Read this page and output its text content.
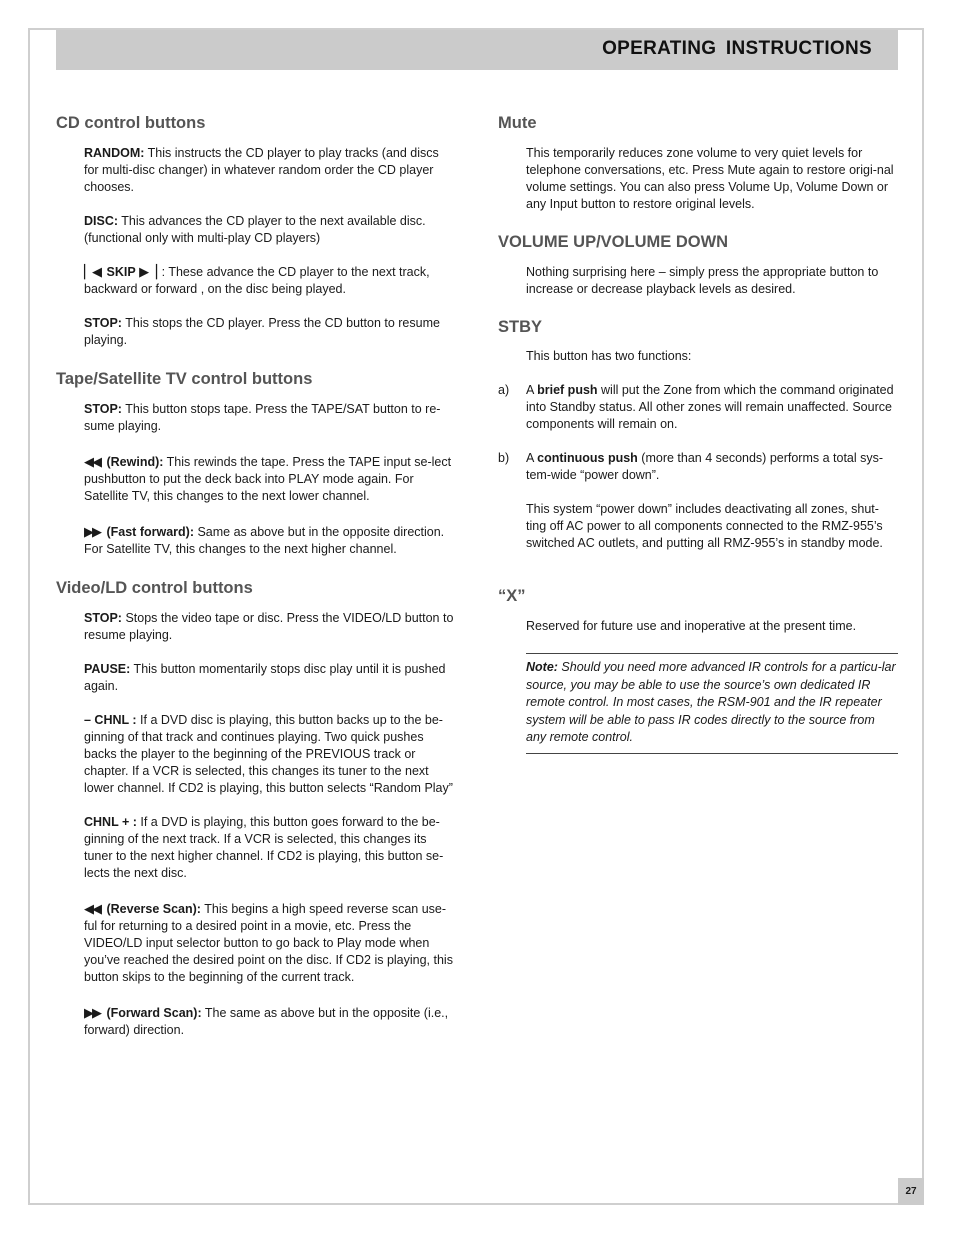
OPERATING INSTRUCTIONS
CD control buttons

RANDOM: This instructs the CD player to play tracks (and discs for multi-disc changer) in whatever random order the CD player chooses.

DISC: This advances the CD player to the next available disc. (functional only with multi-play CD players)

▏◀ SKIP ▶▕ : These advance the CD player to the next track, backward or forward , on the disc being played.

STOP: This stops the CD player. Press the CD button to resume playing.

Tape/Satellite TV control buttons

STOP: This button stops tape. Press the TAPE/SAT button to re-sume playing.

◀◀ (Rewind): This rewinds the tape. Press the TAPE input se-lect pushbutton to put the deck back into PLAY mode again. For Satellite TV, this changes to the next lower channel.

▶▶ (Fast forward): Same as above but in the opposite direction. For Satellite TV, this changes to the next higher channel.

Video/LD control buttons

STOP: Stops the video tape or disc. Press the VIDEO/LD button to resume playing.

PAUSE: This button momentarily stops disc play until it is pushed again.

– CHNL : If a DVD disc is playing, this button backs up to the be-ginning of that track and continues playing. Two quick pushes backs the player to the beginning of the PREVIOUS track or chapter. If a VCR is selected, this changes its tuner to the next lower channel. If CD2 is playing, this button selects “Random Play”

CHNL + : If a DVD is playing, this button goes forward to the be-ginning of the next track. If a VCR is selected, this changes its tuner to the next higher channel. If CD2 is playing, this button se-lects the next disc.

◀◀ (Reverse Scan): This begins a high speed reverse scan use-ful for returning to a desired point in a movie, etc. Press the VIDEO/LD input selector button to go back to Play mode when you’ve reached the desired point on the disc. If CD2 is playing, this button skips to the beginning of the current track.

▶▶ (Forward Scan): The same as above but in the opposite (i.e., forward) direction.

Mute

This temporarily reduces zone volume to very quiet levels for telephone conversations, etc. Press Mute again to restore origi-nal volume settings. You can also press Volume Up, Volume Down or any Input button to restore original levels.

VOLUME UP/VOLUME DOWN

Nothing surprising here – simply press the appropriate button to increase or decrease playback levels as desired.

STBY

This button has two functions:

a) A brief push will put the Zone from which the command originated into Standby status. All other zones will remain unaffected. Source components will remain on.
b) A continuous push (more than 4 seconds) performs a total sys-tem-wide “power down”.

This system “power down” includes deactivating all zones, shut-ting off AC power to all components connected to the RMZ-955’s switched AC outlets, and putting all RMZ-955’s in standby mode.

“X”

Reserved for future use and inoperative at the present time.

Note: Should you need more advanced IR controls for a particu-lar source, you may be able to use the source’s own dedicated IR remote control. In most cases, the RSM-901 and the IR repeater system will be able to pass IR codes directly to the source from any remote control.
27
